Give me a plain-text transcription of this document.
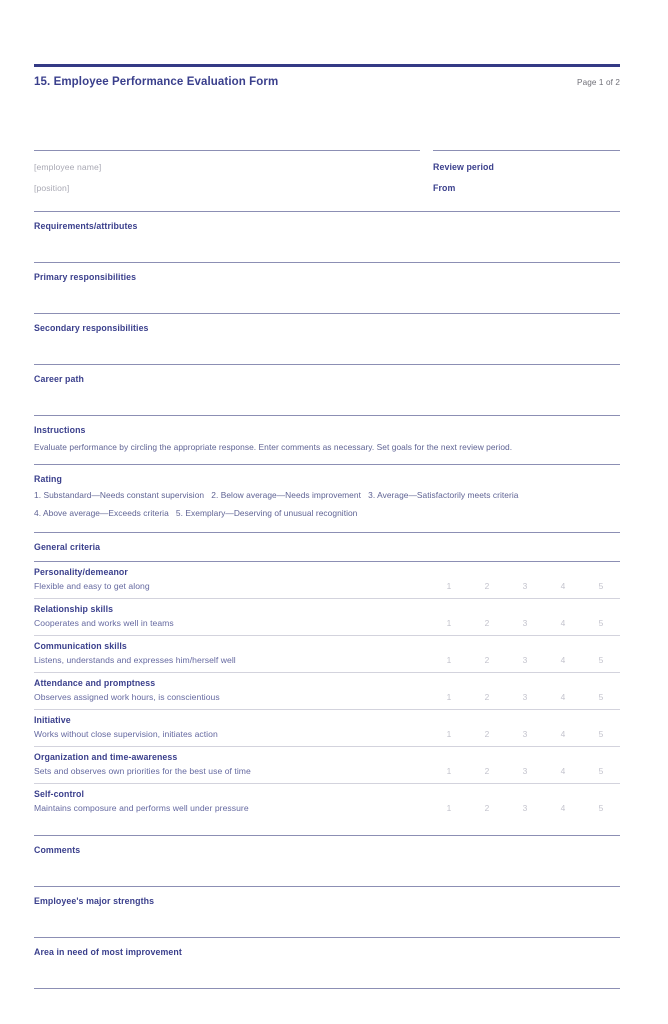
15. Employee Performance Evaluation Form	Page 1 of 2
[employee name]
[position]
Review period
From
Requirements/attributes
Primary responsibilities
Secondary responsibilities
Career path
Instructions
Evaluate performance by circling the appropriate response. Enter comments as necessary. Set goals for the next review period.
Rating
1. Substandard—Needs constant supervision   2. Below average—Needs improvement   3. Average—Satisfactorily meets criteria
4. Above average—Exceeds criteria   5. Exemplary—Deserving of unusual recognition
General criteria
Personality/demeanor
Flexible and easy to get along	1	2	3	4	5
Relationship skills
Cooperates and works well in teams	1	2	3	4	5
Communication skills
Listens, understands and expresses him/herself well	1	2	3	4	5
Attendance and promptness
Observes assigned work hours, is conscientious	1	2	3	4	5
Initiative
Works without close supervision, initiates action	1	2	3	4	5
Organization and time-awareness
Sets and observes own priorities for the best use of time	1	2	3	4	5
Self-control
Maintains composure and performs well under pressure	1	2	3	4	5
Comments
Employee's major strengths
Area in need of most improvement
